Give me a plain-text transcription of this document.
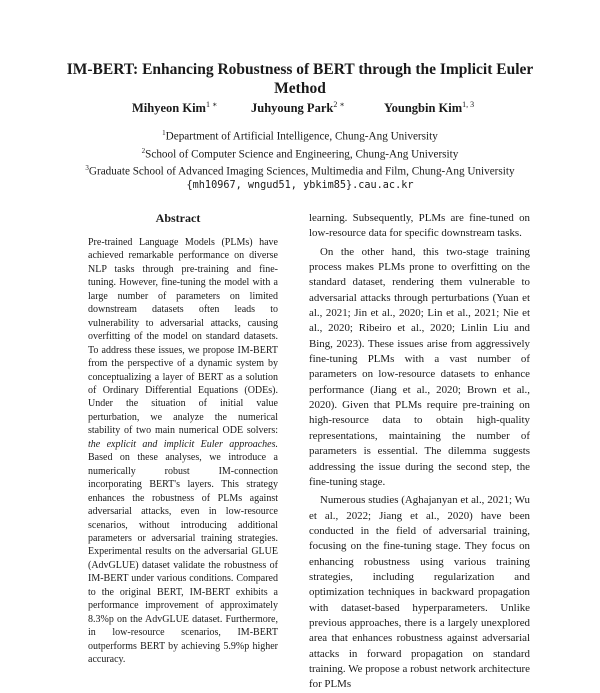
IM-BERT: Enhancing Robustness of BERT through the Implicit Euler Method
Mihyeon Kim$^{1 ∗}$	Juhyoung Park$^{2 ∗}$	Youngbin Kim$^{1, 3}$
$^1$Department of Artificial Intelligence, Chung-Ang University
$^2$School of Computer Science and Engineering, Chung-Ang University
$^3$Graduate School of Advanced Imaging Sciences, Multimedia and Film, Chung-Ang University
{mh10967, wngud51, ybkim85}.cau.ac.kr
Abstract
Pre-trained Language Models (PLMs) have achieved remarkable performance on diverse NLP tasks through pre-training and fine-tuning. However, fine-tuning the model with a large number of parameters on limited downstream datasets often leads to vulnerability to adversarial attacks, causing overfitting of the model on standard datasets. To address these issues, we propose IM-BERT from the perspective of a dynamic system by conceptualizing a layer of BERT as a solution of Ordinary Differential Equations (ODEs). Under the situation of initial value perturbation, we analyze the numerical stability of two main numerical ODE solvers: the explicit and implicit Euler approaches. Based on these analyses, we introduce a numerically robust IM-connection incorporating BERT's layers. This strategy enhances the robustness of PLMs against adversarial attacks, even in low-resource scenarios, without introducing additional parameters or adversarial training strategies. Experimental results on the adversarial GLUE (AdvGLUE) dataset validate the robustness of IM-BERT under various conditions. Compared to the original BERT, IM-BERT exhibits a performance improvement of approximately 8.3%p on the AdvGLUE dataset. Furthermore, in low-resource scenarios, IM-BERT outperforms BERT by achieving 5.9%p higher accuracy.

learning. Subsequently, PLMs are fine-tuned on low-resource data for specific downstream tasks.

On the other hand, this two-stage training process makes PLMs prone to overfitting on the standard dataset, rendering them vulnerable to adversarial attacks through perturbations (Yuan et al., 2021; Jin et al., 2020; Lin et al., 2021; Nie et al., 2020; Ribeiro et al., 2020; Linlin Liu and Bing, 2023). These issues arise from aggressively fine-tuning PLMs with a vast number of parameters on low-resource datasets to enhance performance (Jiang et al., 2020; Brown et al., 2020). Given that PLMs require pre-training on high-resource data to obtain high-quality representations, maintaining the number of parameters is essential. The dilemma suggests addressing the issue during the second step, the fine-tuning stage.

Numerous studies (Aghajanyan et al., 2021; Wu et al., 2022; Jiang et al., 2020) have been conducted in the field of adversarial training, focusing on the fine-tuning stage. They focus on enhancing robustness using various training strategies, including regularization and optimization techniques in backward propagation with dataset-based hyperparameters. Unlike previous approaches, there is a largely unexplored area that enhances robustness against adversarial attacks in forward propagation on standard training. We propose a robust network architecture for PLMs
